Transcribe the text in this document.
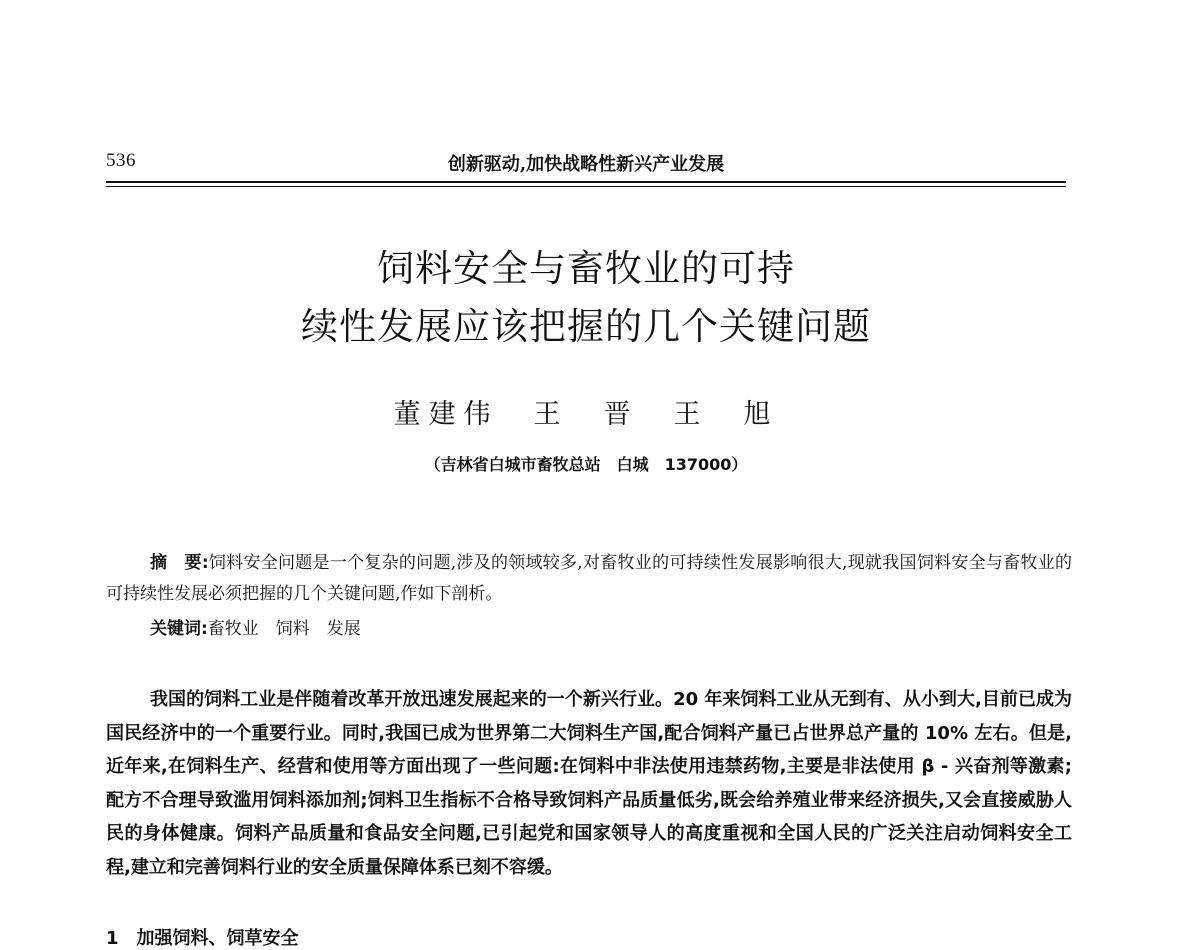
536	创新驱动,加快战略性新兴产业发展
饲料安全与畜牧业的可持
续性发展应该把握的几个关键问题
董建伟　王　晋　王　旭
（吉林省白城市畜牧总站　白城　137000）

摘　要:饲料安全问题是一个复杂的问题,涉及的领域较多,对畜牧业的可持续性发展影响很大,现就我国饲料安全与畜牧业的可持续性发展必须把握的几个关键问题,作如下剖析。

关键词:畜牧业　饲料　发展

我国的饲料工业是伴随着改革开放迅速发展起来的一个新兴行业。20 年来饲料工业从无到有、从小到大,目前已成为国民经济中的一个重要行业。同时,我国已成为世界第二大饲料生产国,配合饲料产量已占世界总产量的 10% 左右。但是,近年来,在饲料生产、经营和使用等方面出现了一些问题:在饲料中非法使用违禁药物,主要是非法使用 β - 兴奋剂等激素;配方不合理导致滥用饲料添加剂;饲料卫生指标不合格导致饲料产品质量低劣,既会给养殖业带来经济损失,又会直接威胁人民的身体健康。饲料产品质量和食品安全问题,已引起党和国家领导人的高度重视和全国人民的广泛关注启动饲料安全工程,建立和完善饲料行业的安全质量保障体系已刻不容缓。

1　加强饲料、饲草安全
